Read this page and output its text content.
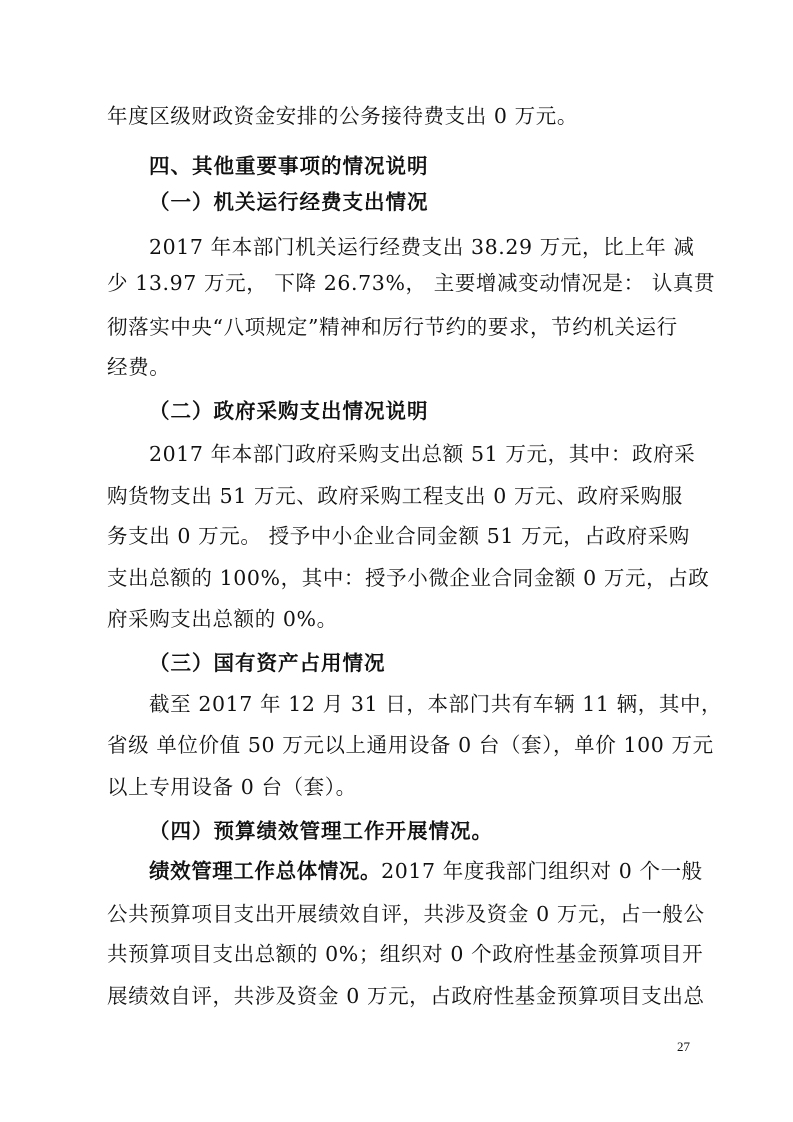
年度区级财政资金安排的公务接待费支出 0 万元。
四、其他重要事项的情况说明
（一）机关运行经费支出情况
2017 年本部门机关运行经费支出 38.29 万元，比上年 减
少 13.97 万元， 下降 26.73%， 主要增减变动情况是： 认真贯
彻落实中央“八项规定”精神和厉行节约的要求，节约机关运行
经费。
（二）政府采购支出情况说明
2017 年本部门政府采购支出总额 51 万元，其中：政府采
购货物支出 51 万元、政府采购工程支出 0 万元、政府采购服
务支出 0 万元。 授予中小企业合同金额 51 万元，占政府采购
支出总额的 100%，其中：授予小微企业合同金额 0 万元，占政
府采购支出总额的 0%。
（三）国有资产占用情况
截至 2017 年 12 月 31 日，本部门共有车辆 11 辆，其中，
省级 单位价值 50 万元以上通用设备 0 台（套），单价 100 万元
以上专用设备 0 台（套）。
（四）预算绩效管理工作开展情况。
绩效管理工作总体情况。2017 年度我部门组织对 0 个一般
公共预算项目支出开展绩效自评，共涉及资金 0 万元，占一般公
共预算项目支出总额的 0%；组织对 0 个政府性基金预算项目开
展绩效自评，共涉及资金 0 万元，占政府性基金预算项目支出总
27
